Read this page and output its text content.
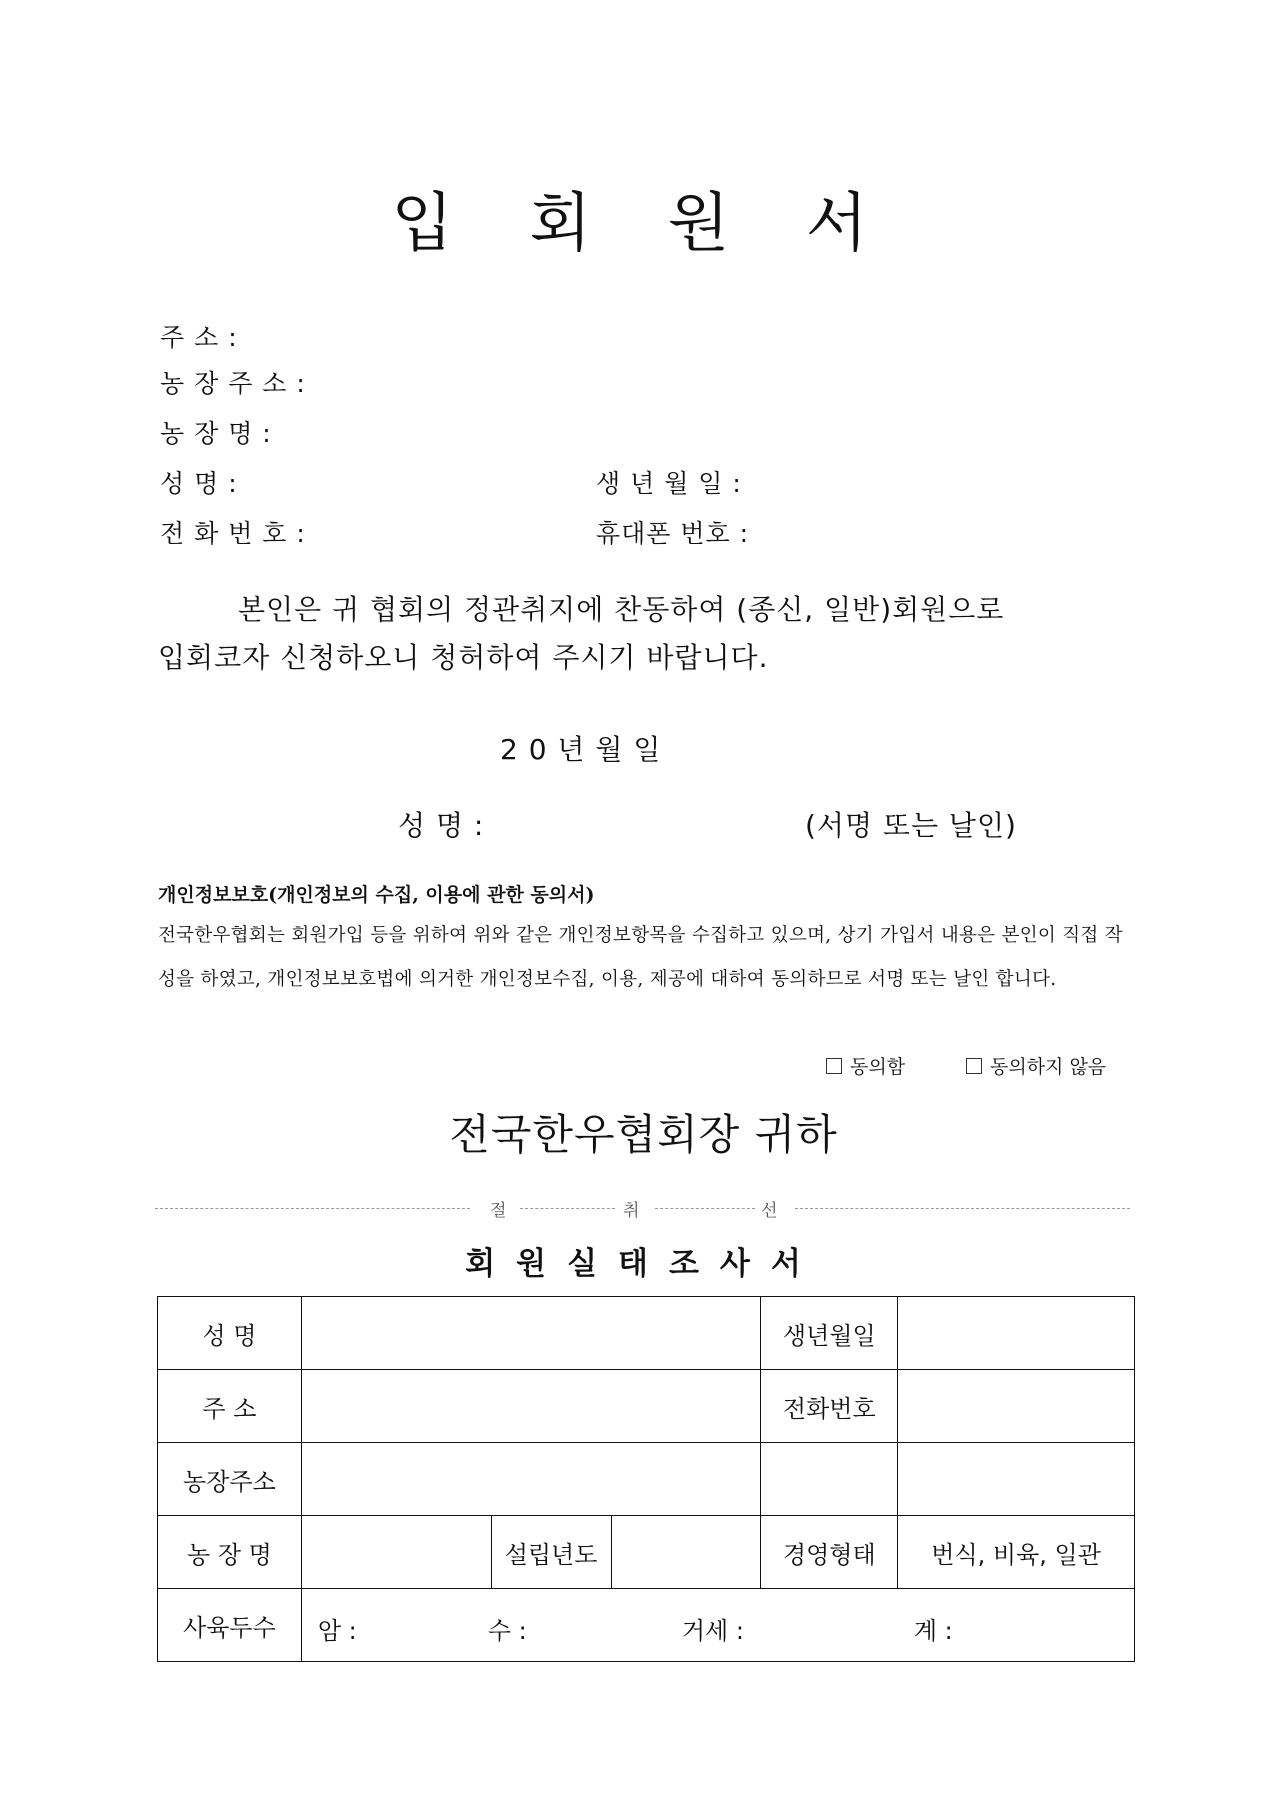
입 회 원 서
주 소 :
농 장 주 소 :
농 장 명 :
성 명 :	생 년 월 일 :
전 화 번 호 :	휴대폰 번호 :
본인은 귀 협회의 정관취지에 찬동하여 (종신, 일반)회원으로
입회코자 신청하오니 청허하여 주시기 바랍니다.
2 0 년 월 일
성 명 :	(서명 또는 날인)
개인정보보호(개인정보의 수집, 이용에 관한 동의서)
전국한우협회는 회원가입 등을 위하여 위와 같은 개인정보항목을 수집하고 있으며, 상기 가입서 내용은 본인이 직접 작성을 하였고, 개인정보보호법에 의거한 개인정보수집, 이용, 제공에 대하여 동의하므로 서명 또는 날인 합니다.
동의함	동의하지 않음
전국한우협회장 귀하
절	취	선
회원실태조사서
성 명				생년월일	
주 소				전화번호	
농장주소					
농 장 명		설립년도		경영형태	번식, 비육, 일관
사육두수	암 : 수 : 거세 : 계 :				
